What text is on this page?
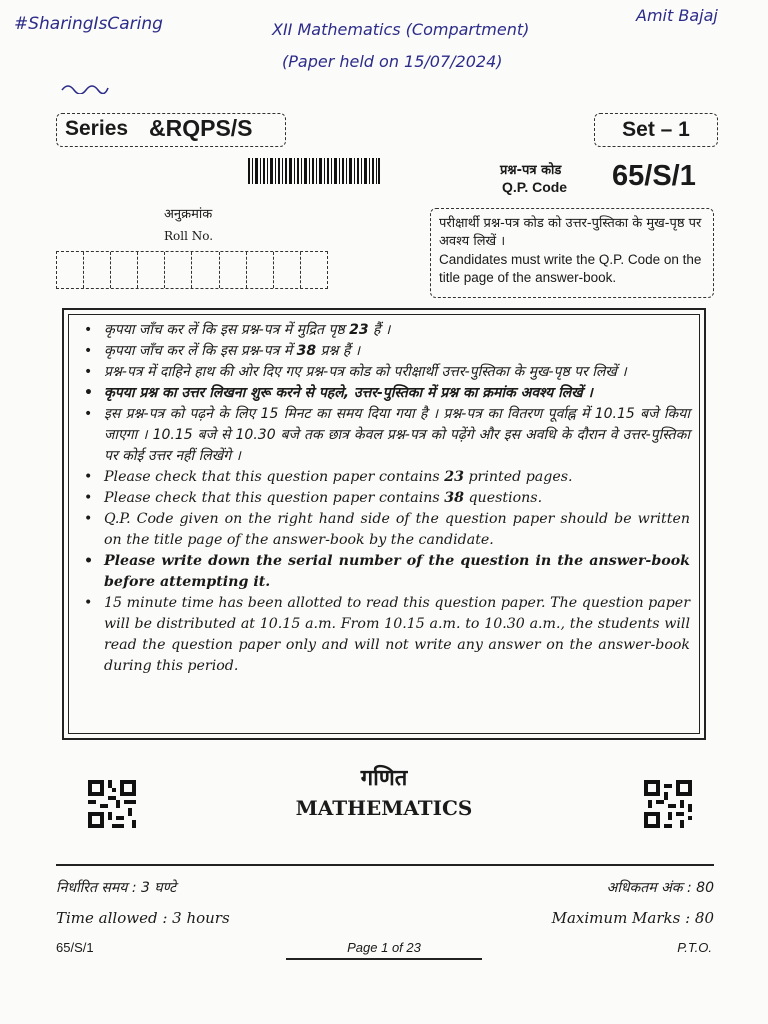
#SharingIsCaring	Amit Bajaj
XII Mathematics (Compartment)
(Paper held on 15/07/2024)
Series &RQPS/S	Set – 1
प्रश्न-पत्र कोड
Q.P. Code 65/S/1
अनुक्रमांक
Roll No.
परीक्षार्थी प्रश्न-पत्र कोड को उत्तर-पुस्तिका के मुख-पृष्ठ पर अवश्य लिखें ।
Candidates must write the Q.P. Code on the title page of the answer-book.
• कृपया जाँच कर लें कि इस प्रश्न-पत्र में मुद्रित पृष्ठ 23 हैं ।
• कृपया जाँच कर लें कि इस प्रश्न-पत्र में 38 प्रश्न हैं ।
• प्रश्न-पत्र में दाहिने हाथ की ओर दिए गए प्रश्न-पत्र कोड को परीक्षार्थी उत्तर-पुस्तिका के मुख-पृष्ठ पर लिखें ।
• कृपया प्रश्न का उत्तर लिखना शुरू करने से पहले, उत्तर-पुस्तिका में प्रश्न का क्रमांक अवश्य लिखें ।
• इस प्रश्न-पत्र को पढ़ने के लिए 15 मिनट का समय दिया गया है । प्रश्न-पत्र का वितरण पूर्वाह्न में 10.15 बजे किया जाएगा । 10.15 बजे से 10.30 बजे तक छात्र केवल प्रश्न-पत्र को पढ़ेंगे और इस अवधि के दौरान वे उत्तर-पुस्तिका पर कोई उत्तर नहीं लिखेंगे ।
• Please check that this question paper contains 23 printed pages.
• Please check that this question paper contains 38 questions.
• Q.P. Code given on the right hand side of the question paper should be written on the title page of the answer-book by the candidate.
• Please write down the serial number of the question in the answer-book before attempting it.
• 15 minute time has been allotted to read this question paper. The question paper will be distributed at 10.15 a.m. From 10.15 a.m. to 10.30 a.m., the students will read the question paper only and will not write any answer on the answer-book during this period.
गणित
MATHEMATICS
निर्धारित समय : 3 घण्टे
Time allowed : 3 hours
अधिकतम अंक : 80
Maximum Marks : 80
65/S/1	Page 1 of 23	P.T.O.
